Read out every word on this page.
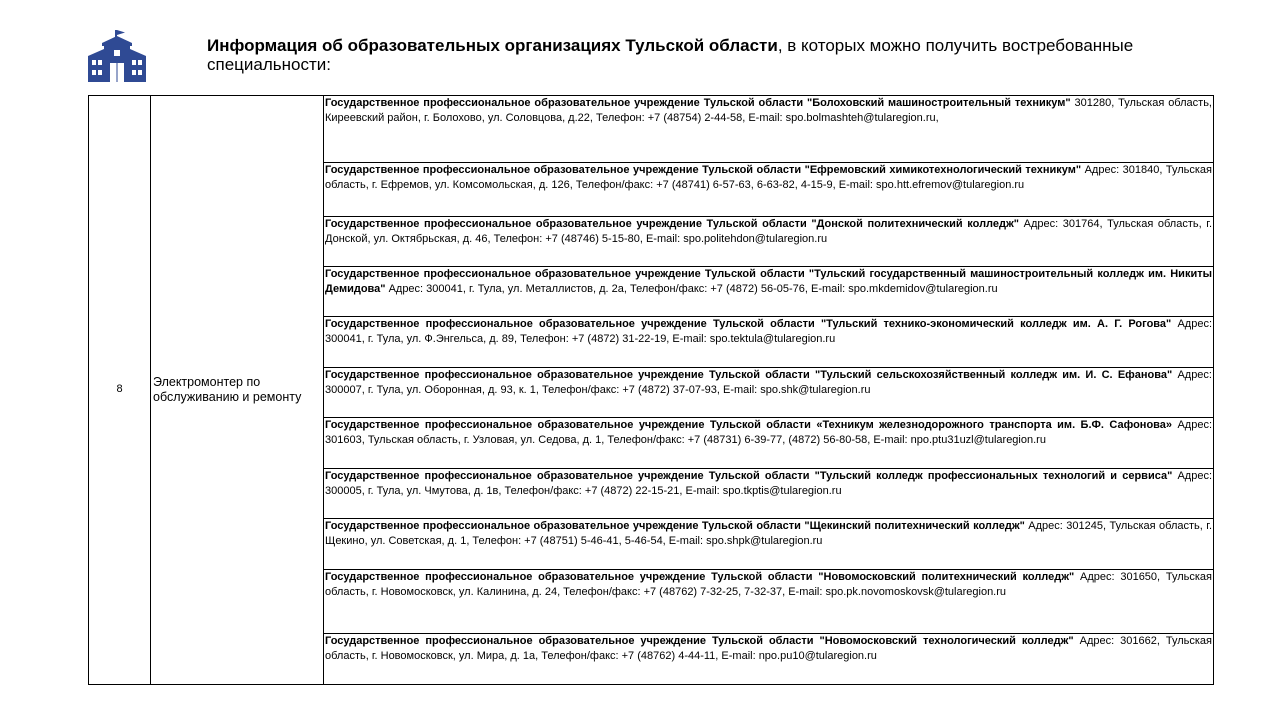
Информация об образовательных организациях Тульской области, в которых можно получить востребованные специальности:
8	Электромонтер по обслуживанию и ремонту	Государственное профессиональное образовательное учреждение Тульской области "Болоховский машиностроительный техникум" 301280, Тульская область, Киреевский район, г. Болохово, ул. Соловцова, д.22, Телефон: +7 (48754) 2-44-58, E-mail: spo.bolmashteh@tularegion.ru,
Государственное профессиональное образовательное учреждение Тульской области "Ефремовский химикотехнологический техникум" Адрес: 301840, Тульская область, г. Ефремов, ул. Комсомольская, д. 126, Телефон/факс: +7 (48741) 6-57-63, 6-63-82, 4-15-9, E-mail: spo.htt.efremov@tularegion.ru
Государственное профессиональное образовательное учреждение Тульской области "Донской политехнический колледж" Адрес: 301764, Тульская область, г. Донской, ул. Октябрьская, д. 46, Телефон: +7 (48746) 5-15-80, E-mail: spo.politehdon@tularegion.ru
Государственное профессиональное образовательное учреждение Тульской области "Тульский государственный машиностроительный колледж им. Никиты Демидова" Адрес: 300041, г. Тула, ул. Металлистов, д. 2а, Телефон/факс: +7 (4872) 56-05-76, E-mail: spo.mkdemidov@tularegion.ru
Государственное профессиональное образовательное учреждение Тульской области "Тульский технико-экономический колледж им. А. Г. Рогова" Адрес: 300041, г. Тула, ул. Ф.Энгельса, д. 89, Телефон: +7 (4872) 31-22-19, E-mail: spo.tektula@tularegion.ru
Государственное профессиональное образовательное учреждение Тульской области "Тульский сельскохозяйственный колледж им. И. С. Ефанова" Адрес: 300007, г. Тула, ул. Оборонная, д. 93, к. 1, Телефон/факс: +7 (4872) 37-07-93, E-mail: spo.shk@tularegion.ru
Государственное профессиональное образовательное учреждение Тульской области «Техникум железнодорожного транспорта им. Б.Ф. Сафонова» Адрес: 301603, Тульская область, г. Узловая, ул. Седова, д. 1, Телефон/факс: +7 (48731) 6-39-77, (4872) 56-80-58, E-mail: npo.ptu31uzl@tularegion.ru
Государственное профессиональное образовательное учреждение Тульской области "Тульский колледж профессиональных технологий и сервиса" Адрес: 300005, г. Тула, ул. Чмутова, д. 1в, Телефон/факс: +7 (4872) 22-15-21, E-mail: spo.tkptis@tularegion.ru
Государственное профессиональное образовательное учреждение Тульской области "Щекинский политехнический колледж" Адрес: 301245, Тульская область, г. Щекино, ул. Советская, д. 1, Телефон: +7 (48751) 5-46-41, 5-46-54, E-mail: spo.shpk@tularegion.ru
Государственное профессиональное образовательное учреждение Тульской области "Новомосковский политехнический колледж" Адрес: 301650, Тульская область, г. Новомосковск, ул. Калинина, д. 24, Телефон/факс: +7 (48762) 7-32-25, 7-32-37, E-mail: spo.pk.novomoskovsk@tularegion.ru
Государственное профессиональное образовательное учреждение Тульской области "Новомосковский технологический колледж" Адрес: 301662, Тульская область, г. Новомосковск, ул. Мира, д. 1а, Телефон/факс: +7 (48762) 4-44-11, E-mail: npo.pu10@tularegion.ru
